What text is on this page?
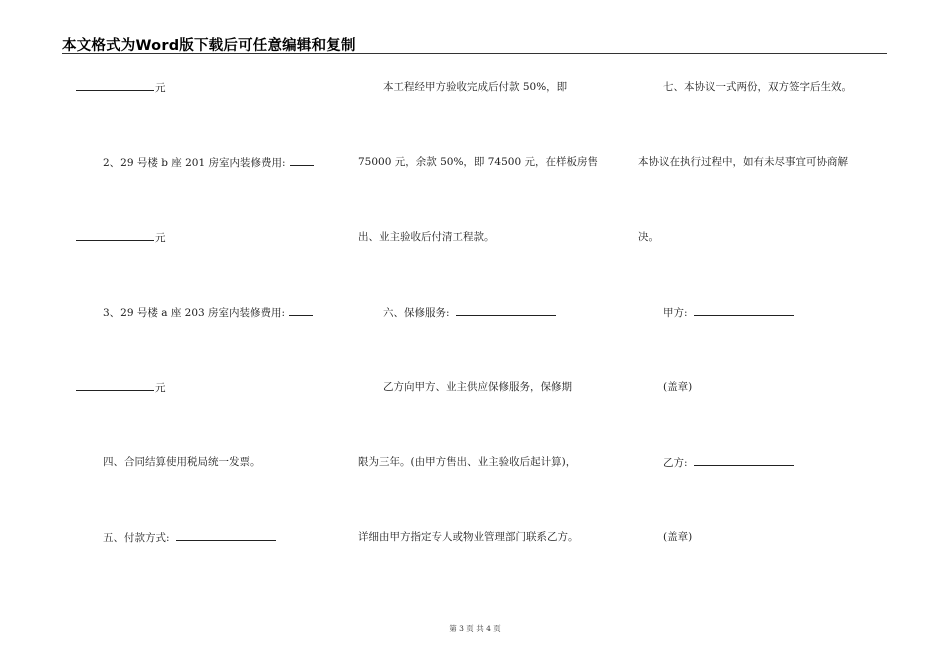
本文格式为Word版下载后可任意编辑和复制
元
2、29 号楼 b 座 201 房室内装修费用:
元
3、29 号楼 a 座 203 房室内装修费用:
元
四、合同结算使用税局统一发票。
五、付款方式:
本工程经甲方验收完成后付款 50%，即
75000 元，余款 50%，即 74500 元，在样板房售
出、业主验收后付清工程款。
六、保修服务:
乙方向甲方、业主供应保修服务，保修期
限为三年。(由甲方售出、业主验收后起计算)，
详细由甲方指定专人或物业管理部门联系乙方。
七、本协议一式两份，双方签字后生效。
本协议在执行过程中，如有未尽事宜可协商解
决。
甲方:
(盖章)
乙方:
(盖章)
第 3 页 共 4 页
